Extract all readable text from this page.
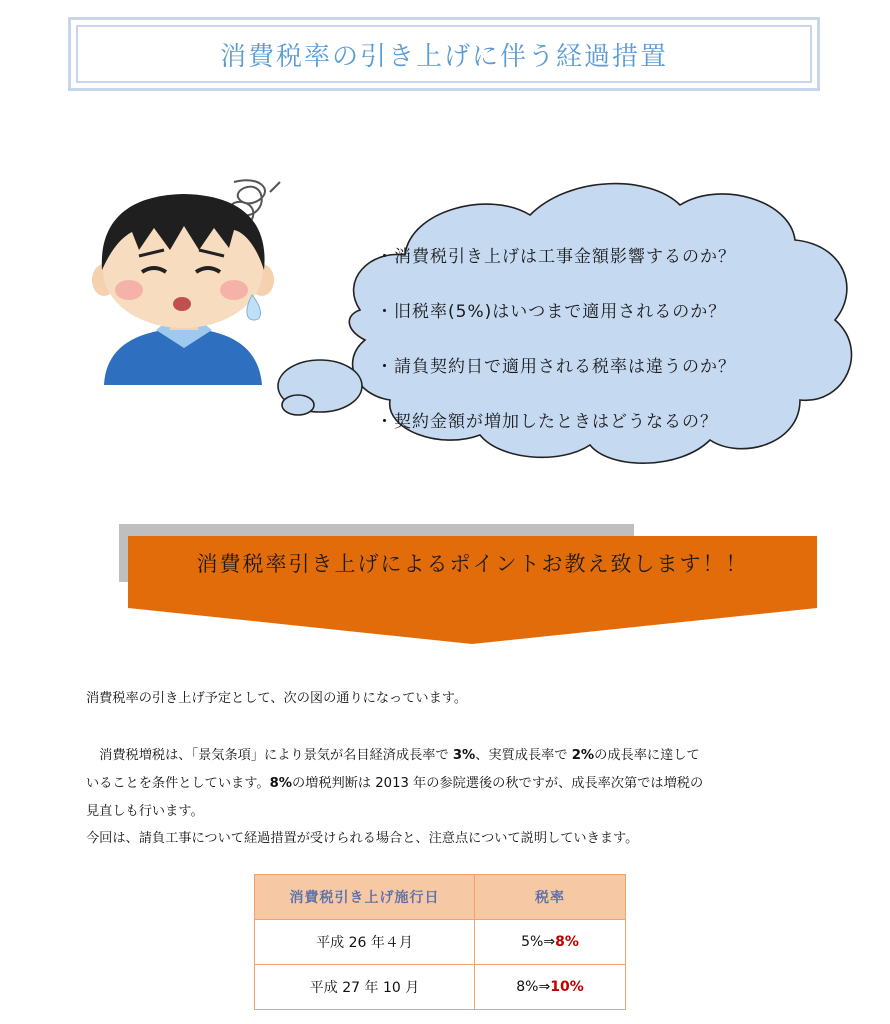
消費税率の引き上げに伴う経過措置
・消費税引き上げは工事金額影響するのか？
・旧税率(5%)はいつまで適用されるのか？
・請負契約日で適用される税率は違うのか？
・契約金額が増加したときはどうなるの？
消費税率引き上げによるポイントお教え致します！！
消費税率の引き上げ予定として、次の図の通りになっています。
　消費税増税は、「景気条項」により景気が名目経済成長率で 3%、実質成長率で 2%の成長率に達して
いることを条件としています。8%の増税判断は 2013 年の参院選後の秋ですが、成長率次第では増税の
見直しも行います。
今回は、請負工事について経過措置が受けられる場合と、注意点について説明していきます。
消費税引き上げ施行日	税率
平成 26 年４月	5%⇒8%
平成 27 年 10 月	8%⇒10%
